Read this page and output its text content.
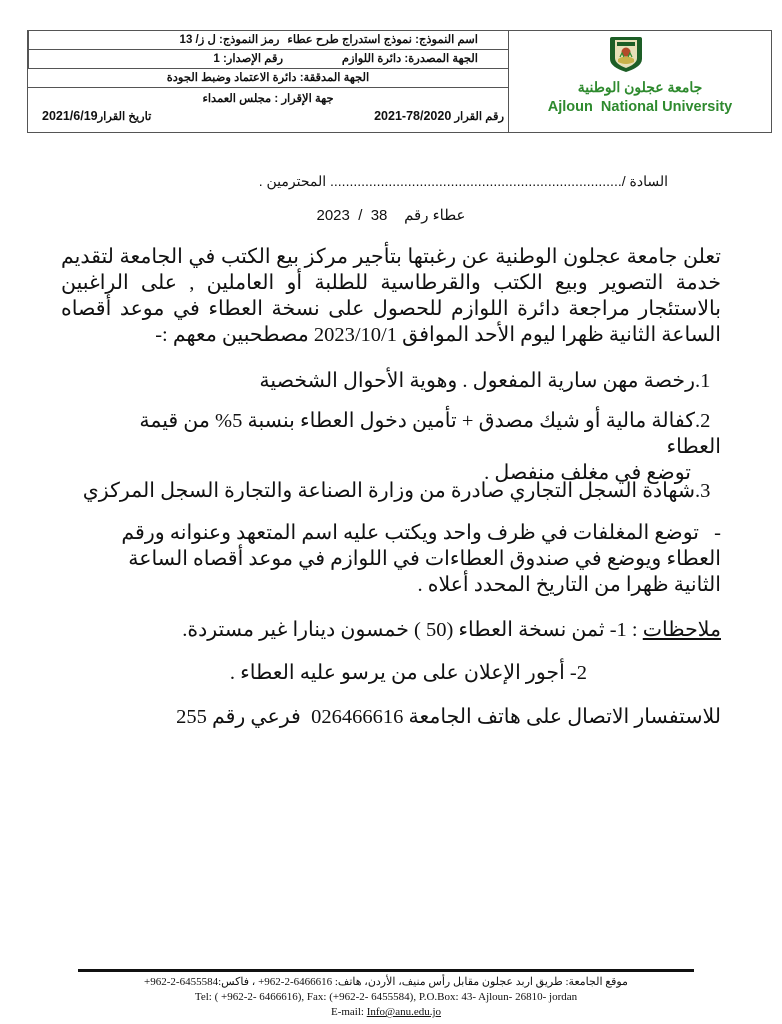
اسم النموذج: نموذج استدراج طرح عطاء
رمز النموذج: ل ز/ 13
الجهة المصدرة: دائرة اللوازم
رقم الإصدار: 1
الجهة المدققة: دائرة الاعتماد وضبط الجودة
جهة الإقرار : مجلس العمداء
رقم القرار 78/2020-2021
تاريخ القرار2021/6/19
جامعة عجلون الوطنية
Ajloun  National University
السادة /........................................................................... المحترمين .
عطاء رقم    38  /  2023
تعلن جامعة عجلون الوطنية عن رغبتها بتأجير مركز بيع الكتب في الجامعة لتقديم خدمة التصوير وبيع الكتب والقرطاسية للطلبة أو العاملين , على الراغبين بالاستئجار مراجعة دائرة اللوازم للحصول على نسخة العطاء في موعد أقصاه الساعة الثانية ظهرا ليوم الأحد الموافق 2023/10/1 مصطحبين معهم :-
1.رخصة مهن سارية المفعول . وهوية الأحوال الشخصية
2.كفالة مالية أو شيك مصدق + تأمين دخول العطاء بنسبة 5% من قيمة العطاء
توضع في مغلف منفصل .
3.شهادة السجل التجاري صادرة من وزارة الصناعة والتجارة السجل المركزي
-توضع المغلفات في ظرف واحد ويكتب عليه اسم المتعهد وعنوانه ورقم العطاء ويوضع في صندوق العطاءات في اللوازم في موعد أقصاه الساعة الثانية ظهرا من التاريخ المحدد أعلاه .
ملاحظات : 1- ثمن نسخة العطاء (50 ) خمسون دينارا غير مستردة.
2- أجور الإعلان على من يرسو عليه العطاء .
للاستفسار الاتصال على هاتف الجامعة 026466616  فرعي رقم 255
موقع الجامعة: طريق اربد عجلون مقابل رأس منيف، الأردن، هاتف: 6466616-2-962+ ، فاكس:6455584-2-962+
Tel: ( +962-2- 6466616), Fax: (+962-2- 6455584), P.O.Box: 43- Ajloun- 26810- jordan
E-mail: Info@anu.edu.jo
